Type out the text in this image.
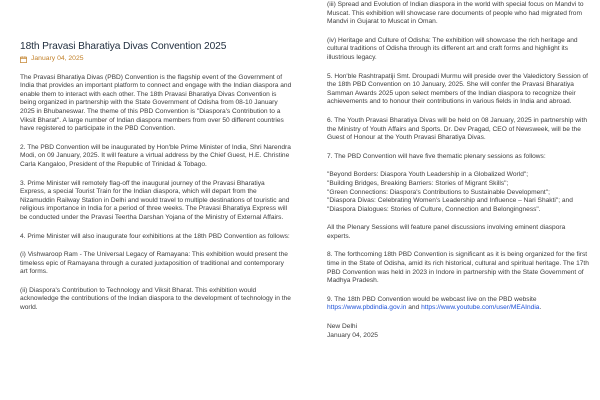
18th Pravasi Bharatiya Divas Convention 2025
January 04, 2025

The Pravasi Bharatiya Divas (PBD) Convention is the flagship event of the Government of India that provides an important platform to connect and engage with the Indian diaspora and enable them to interact with each other. The 18th Pravasi Bharatiya Divas Convention is being organized in partnership with the State Government of Odisha from 08-10 January 2025 in Bhubaneswar. The theme of this PBD Convention is "Diaspora's Contribution to a Viksit Bharat". A large number of Indian diaspora members from over 50 different countries have registered to participate in the PBD Convention.

2. The PBD Convention will be inaugurated by Hon'ble Prime Minister of India, Shri Narendra Modi, on 09 January, 2025. It will feature a virtual address by the Chief Guest, H.E. Christine Carla Kangaloo, President of the Republic of Trinidad & Tobago.

3. Prime Minister will remotely flag-off the inaugural journey of the Pravasi Bharatiya Express, a special Tourist Train for the Indian diaspora, which will depart from the Nizamuddin Railway Station in Delhi and would travel to multiple destinations of touristic and religious importance in India for a period of three weeks. The Pravasi Bharatiya Express will be conducted under the Pravasi Teertha Darshan Yojana of the Ministry of External Affairs.

4. Prime Minister will also inaugurate four exhibitions at the 18th PBD Convention as follows:

(i) Vishwaroop Ram - The Universal Legacy of Ramayana: This exhibition would present the timeless epic of Ramayana through a curated juxtaposition of traditional and contemporary art forms.

(ii) Diaspora's Contribution to Technology and Viksit Bharat. This exhibition would acknowledge the contributions of the Indian diaspora to the development of technology in the world.

(iii) Spread and Evolution of Indian diaspora in the world with special focus on Mandvi to Muscat. This exhibition will showcase rare documents of people who had migrated from Mandvi in Gujarat to Muscat in Oman.

(iv) Heritage and Culture of Odisha: The exhibition will showcase the rich heritage and cultural traditions of Odisha through its different art and craft forms and highlight its illustrious legacy.

5. Hon'ble Rashtrapatiji Smt. Droupadi Murmu will preside over the Valedictory Session of the 18th PBD Convention on 10 January, 2025. She will confer the Pravasi Bharatiya Samman Awards 2025 upon select members of the Indian diaspora to recognize their achievements and to honour their contributions in various fields in India and abroad.

6. The Youth Pravasi Bharatiya Divas will be held on 08 January, 2025 in partnership with the Ministry of Youth Affairs and Sports. Dr. Dev Pragad, CEO of Newsweek, will be the Guest of Honour at the Youth Pravasi Bharatiya Divas.

7. The PBD Convention will have five thematic plenary sessions as follows:

"Beyond Borders: Diaspora Youth Leadership in a Globalized World";
"Building Bridges, Breaking Barriers: Stories of Migrant Skills";
"Green Connections: Diaspora's Contributions to Sustainable Development";
"Diaspora Divas: Celebrating Women's Leadership and Influence – Nari Shakti"; and
"Diaspora Dialogues: Stories of Culture, Connection and Belongingness".

All the Plenary Sessions will feature panel discussions involving eminent diaspora experts.

8. The forthcoming 18th PBD Convention is significant as it is being organized for the first time in the State of Odisha, amid its rich historical, cultural and spiritual heritage. The 17th PBD Convention was held in 2023 in Indore in partnership with the State Government of Madhya Pradesh.

9. The 18th PBD Convention would be webcast live on the PBD website
https://www.pbdindia.gov.in and https://www.youtube.com/user/MEAIndia.

New Delhi

January 04, 2025
